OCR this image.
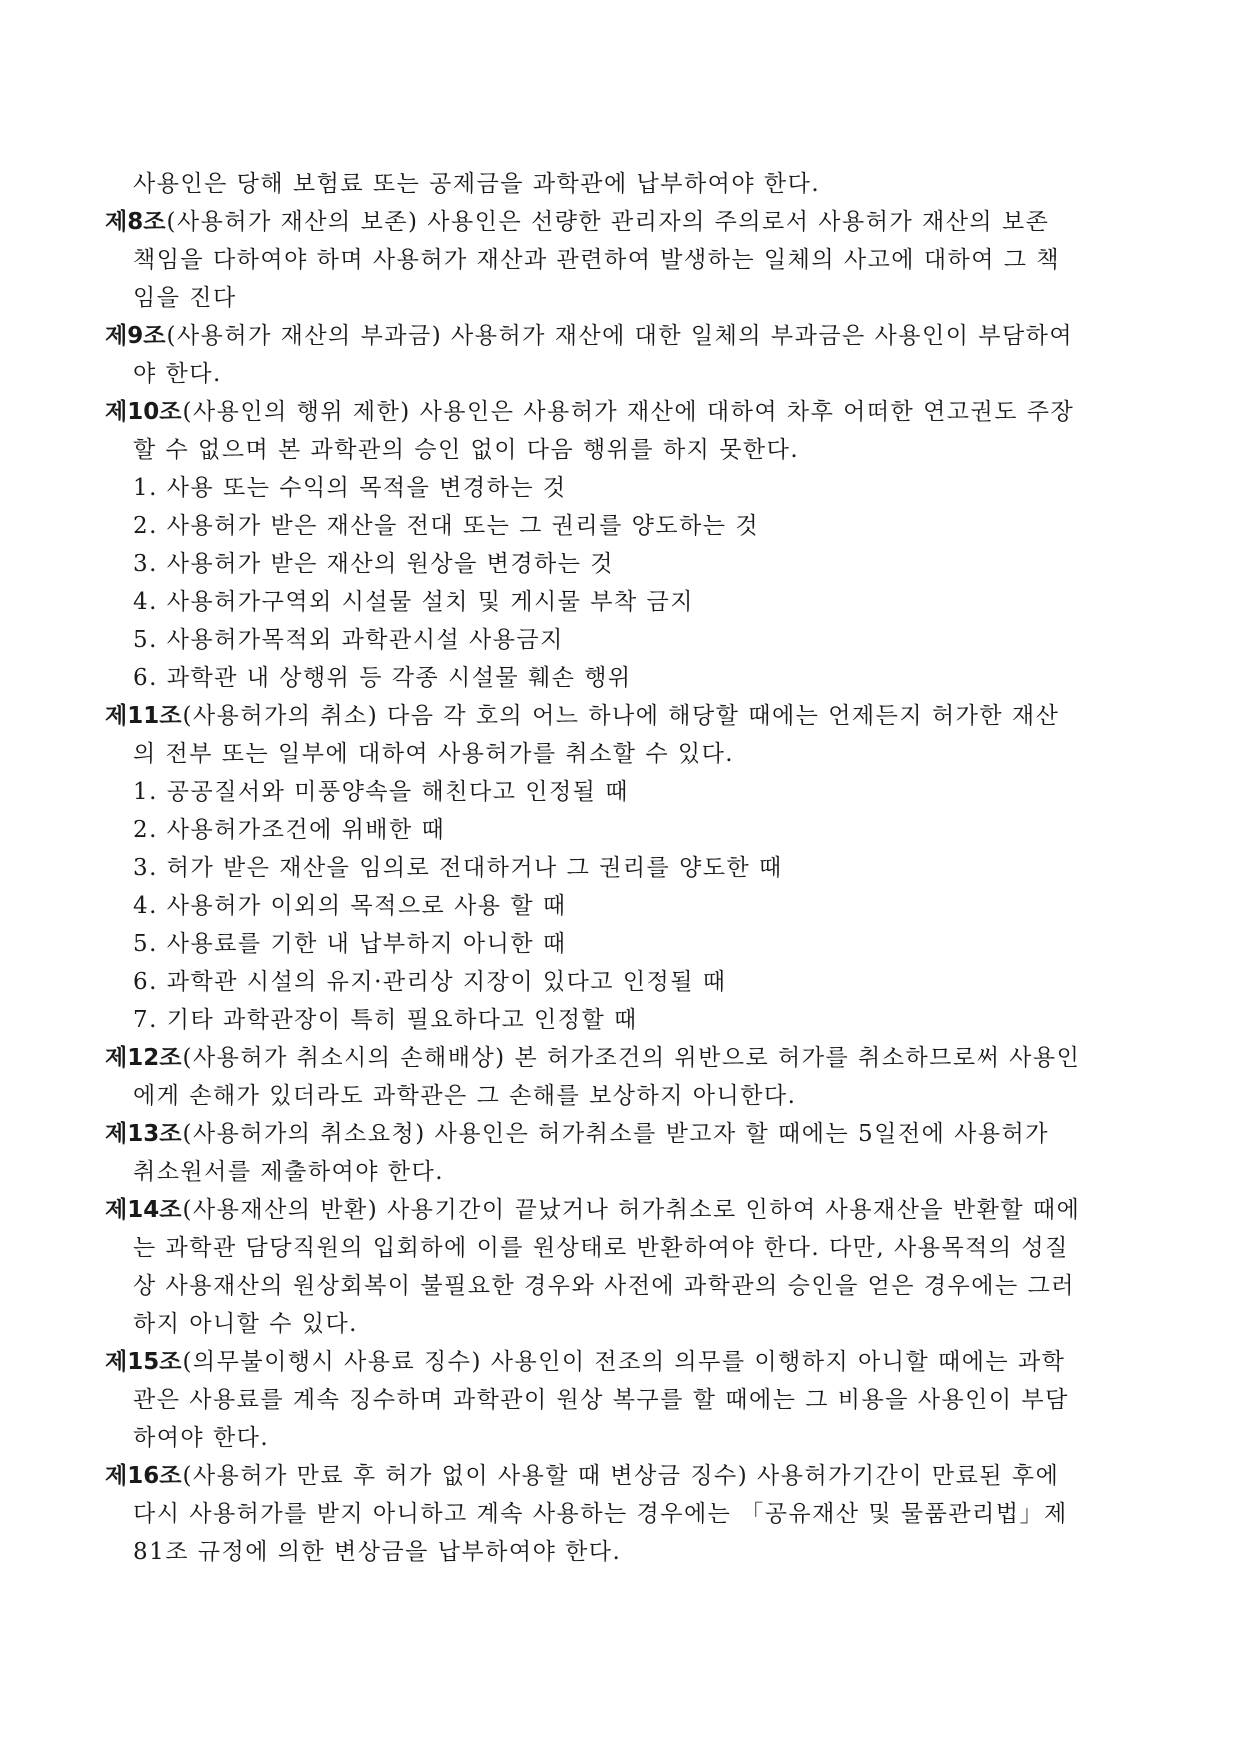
사용인은 당해 보험료 또는 공제금을 과학관에 납부하여야 한다.
제8조(사용허가 재산의 보존) 사용인은 선량한 관리자의 주의로서 사용허가 재산의 보존
책임을 다하여야 하며 사용허가 재산과 관련하여 발생하는 일체의 사고에 대하여 그 책
임을 진다
제9조(사용허가 재산의 부과금) 사용허가 재산에 대한 일체의 부과금은 사용인이 부담하여
야 한다.
제10조(사용인의 행위 제한) 사용인은 사용허가 재산에 대하여 차후 어떠한 연고권도 주장
할 수 없으며 본 과학관의 승인 없이 다음 행위를 하지 못한다.
1. 사용 또는 수익의 목적을 변경하는 것
2. 사용허가 받은 재산을 전대 또는 그 권리를 양도하는 것
3. 사용허가 받은 재산의 원상을 변경하는 것
4. 사용허가구역외 시설물 설치 및 게시물 부착 금지
5. 사용허가목적외 과학관시설 사용금지
6. 과학관 내 상행위 등 각종 시설물 훼손 행위
제11조(사용허가의 취소) 다음 각 호의 어느 하나에 해당할 때에는 언제든지 허가한 재산
의 전부 또는 일부에 대하여 사용허가를 취소할 수 있다.
1. 공공질서와 미풍양속을 해친다고 인정될 때
2. 사용허가조건에 위배한 때
3. 허가 받은 재산을 임의로 전대하거나 그 권리를 양도한 때
4. 사용허가 이외의 목적으로 사용 할 때
5. 사용료를 기한 내 납부하지 아니한 때
6. 과학관 시설의 유지·관리상 지장이 있다고 인정될 때
7. 기타 과학관장이 특히 필요하다고 인정할 때
제12조(사용허가 취소시의 손해배상) 본 허가조건의 위반으로 허가를 취소하므로써 사용인
에게 손해가 있더라도 과학관은 그 손해를 보상하지 아니한다.
제13조(사용허가의 취소요청) 사용인은 허가취소를 받고자 할 때에는 5일전에 사용허가
취소원서를 제출하여야 한다.
제14조(사용재산의 반환) 사용기간이 끝났거나 허가취소로 인하여 사용재산을 반환할 때에
는 과학관 담당직원의 입회하에 이를 원상태로 반환하여야 한다. 다만, 사용목적의 성질
상 사용재산의 원상회복이 불필요한 경우와 사전에 과학관의 승인을 얻은 경우에는 그러
하지 아니할 수 있다.
제15조(의무불이행시 사용료 징수) 사용인이 전조의 의무를 이행하지 아니할 때에는 과학
관은 사용료를 계속 징수하며 과학관이 원상 복구를 할 때에는 그 비용을 사용인이 부담
하여야 한다.
제16조(사용허가 만료 후 허가 없이 사용할 때 변상금 징수) 사용허가기간이 만료된 후에
다시 사용허가를 받지 아니하고 계속 사용하는 경우에는 「공유재산 및 물품관리법」제
81조 규정에 의한 변상금을 납부하여야 한다.
